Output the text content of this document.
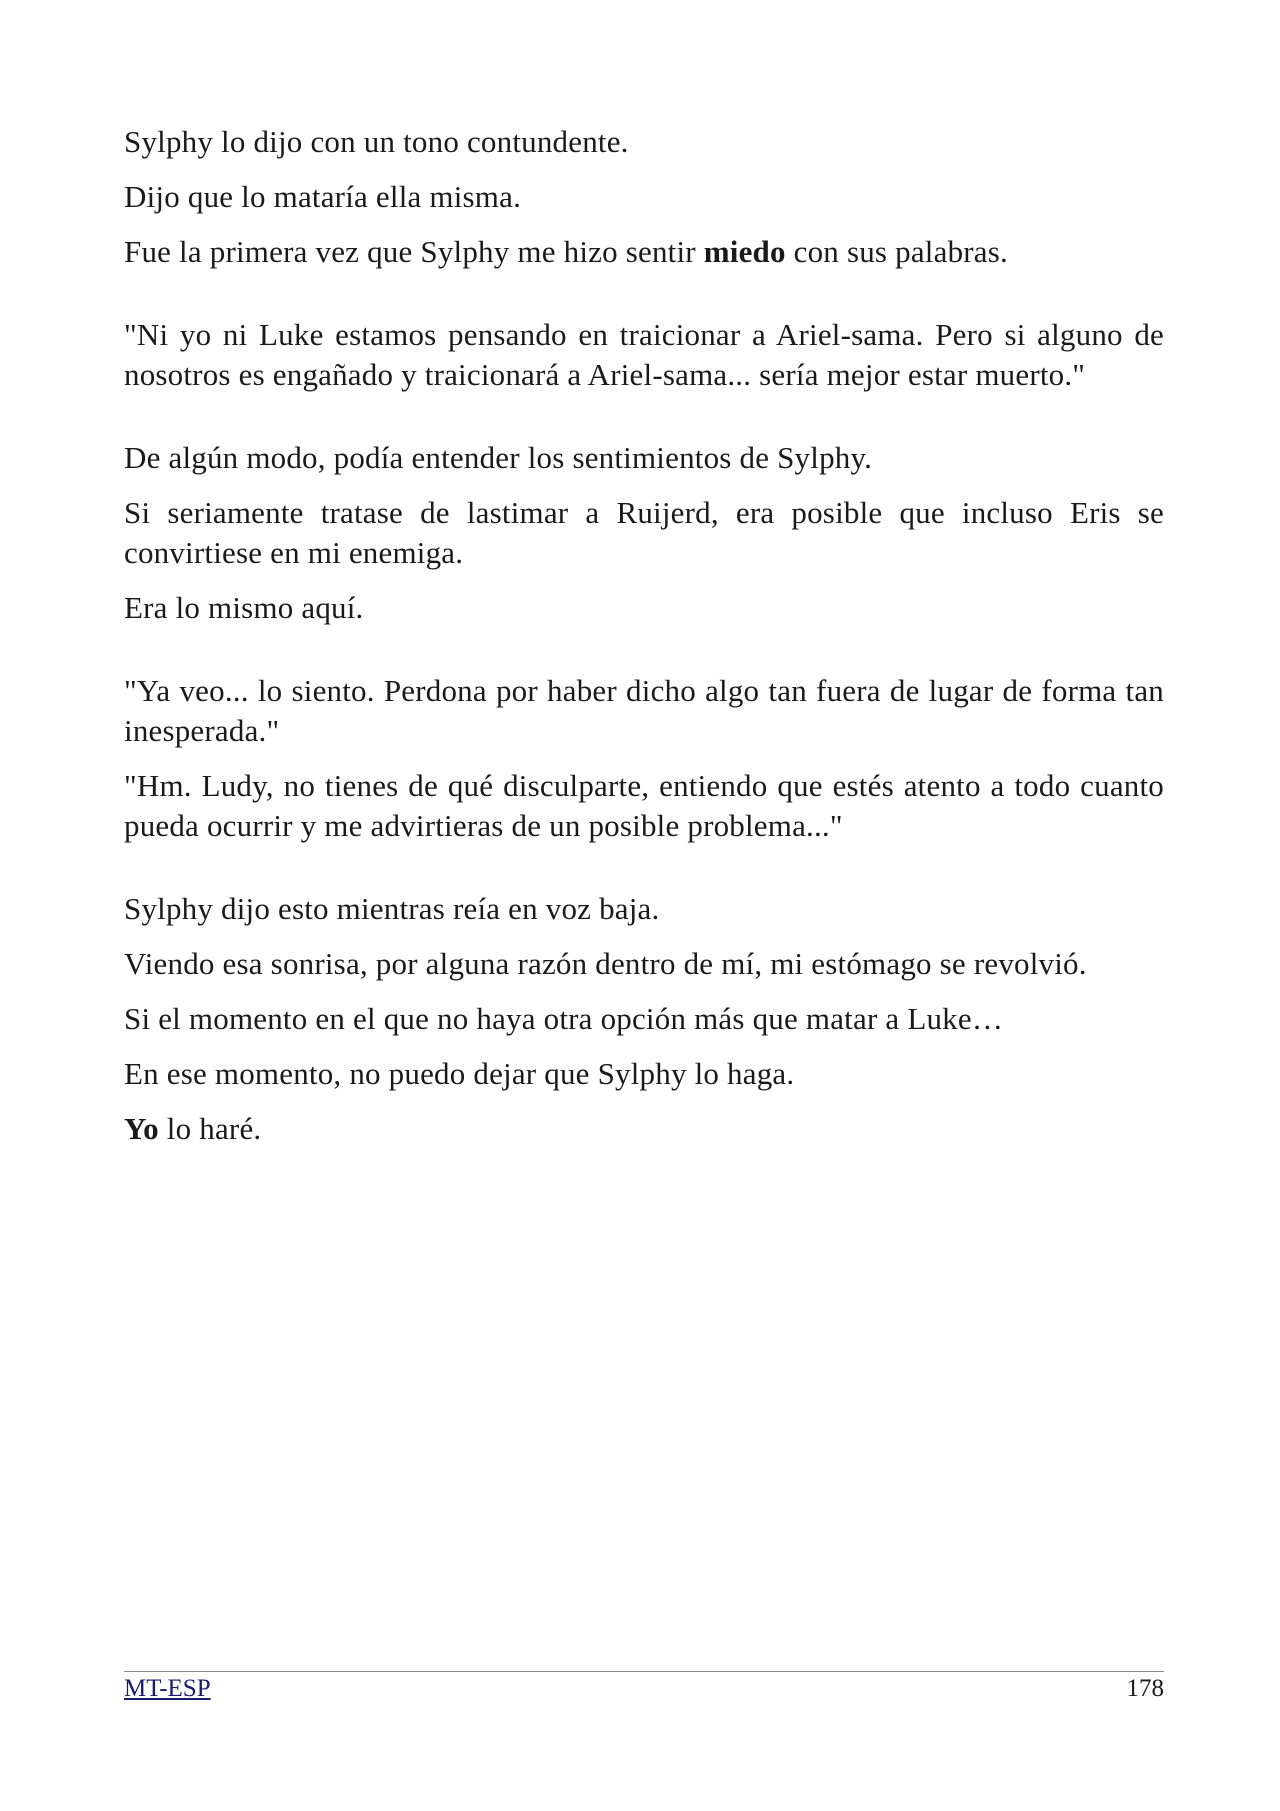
Sylphy lo dijo con un tono contundente.

Dijo que lo mataría ella misma.

Fue la primera vez que Sylphy me hizo sentir miedo con sus palabras.

"Ni yo ni Luke estamos pensando en traicionar a Ariel-sama. Pero si alguno de nosotros es engañado y traicionará a Ariel-sama... sería mejor estar muerto."

De algún modo, podía entender los sentimientos de Sylphy.

Si seriamente tratase de lastimar a Ruijerd, era posible que incluso Eris se convirtiese en mi enemiga.

Era lo mismo aquí.

"Ya veo... lo siento. Perdona por haber dicho algo tan fuera de lugar de forma tan inesperada."

"Hm. Ludy, no tienes de qué disculparte, entiendo que estés atento a todo cuanto pueda ocurrir y me advirtieras de un posible problema..."

Sylphy dijo esto mientras reía en voz baja.

Viendo esa sonrisa, por alguna razón dentro de mí, mi estómago se revolvió.

Si el momento en el que no haya otra opción más que matar a Luke…

En ese momento, no puedo dejar que Sylphy lo haga.

Yo lo haré.

MT-ESP	178
